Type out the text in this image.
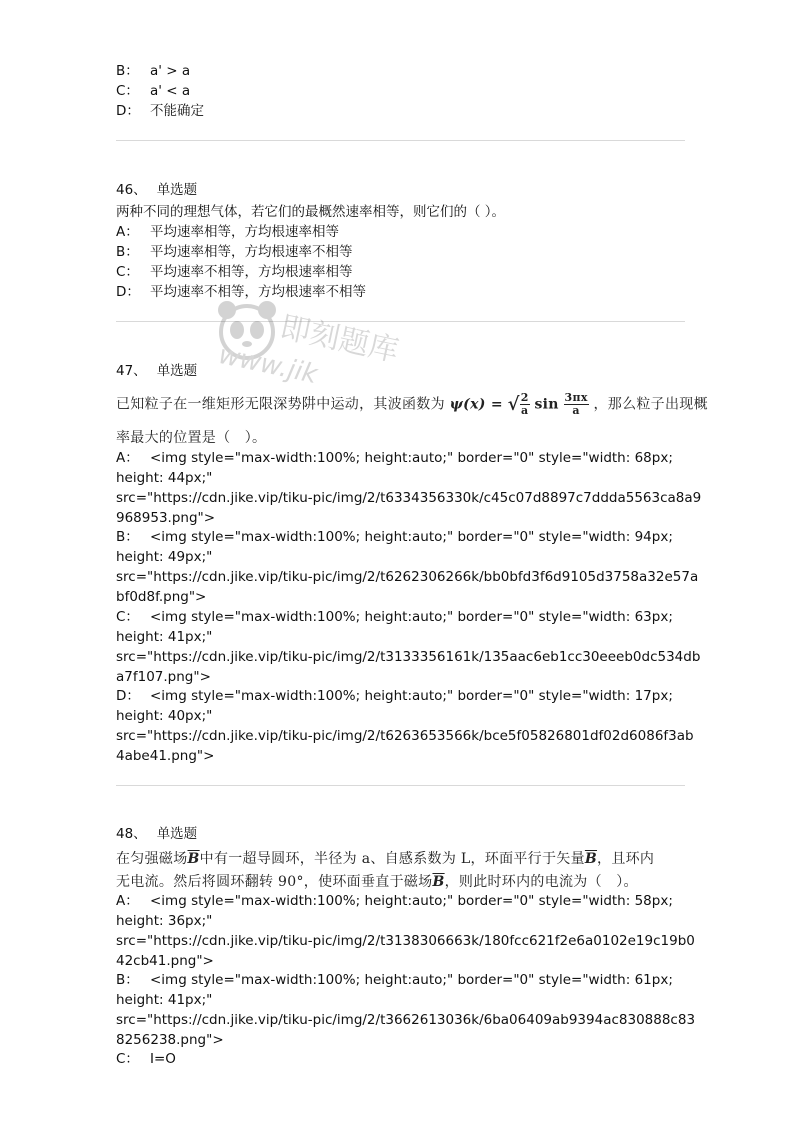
B： a' > a
C： a' < a
D： 不能确定
46、 单选题
两种不同的理想气体，若它们的最概然速率相等，则它们的（ ）。
A： 平均速率相等，方均根速率相等
B： 平均速率相等，方均根速率不相等
C： 平均速率不相等，方均根速率相等
D： 平均速率不相等，方均根速率不相等
即刻题库
www.jik
47、 单选题
已知粒子在一维矩形无限深势阱中运动，其波函数为 ψ(x) = √ $\frac{2}{a}$ $\sin \frac{3\pi x}{a}$ ，那么粒子出现概
率最大的位置是（　）。
A： <img style="max-width:100%; height:auto;" border="0" style="width: 68px;
height: 44px;"
src="https://cdn.jike.vip/tiku-pic/img/2/t6334356330k/c45c07d8897c7ddda5563ca8a9
968953.png">
B： <img style="max-width:100%; height:auto;" border="0" style="width: 94px;
height: 49px;"
src="https://cdn.jike.vip/tiku-pic/img/2/t6262306266k/bb0bfd3f6d9105d3758a32e57a
bf0d8f.png">
C： <img style="max-width:100%; height:auto;" border="0" style="width: 63px;
height: 41px;"
src="https://cdn.jike.vip/tiku-pic/img/2/t3133356161k/135aac6eb1cc30eeeb0dc534db
a7f107.png">
D： <img style="max-width:100%; height:auto;" border="0" style="width: 17px;
height: 40px;"
src="https://cdn.jike.vip/tiku-pic/img/2/t6263653566k/bce5f05826801df02d6086f3ab
4abe41.png">
48、 单选题
在匀强磁场$\overline{B}$中有一超导圆环，半径为 a、自感系数为 L，环面平行于矢量$\overline{B}$，且环内
无电流。然后将圆环翻转 90°，使环面垂直于磁场$\overline{B}$，则此时环内的电流为（　）。
A： <img style="max-width:100%; height:auto;" border="0" style="width: 58px;
height: 36px;"
src="https://cdn.jike.vip/tiku-pic/img/2/t3138306663k/180fcc621f2e6a0102e19c19b0
42cb41.png">
B： <img style="max-width:100%; height:auto;" border="0" style="width: 61px;
height: 41px;"
src="https://cdn.jike.vip/tiku-pic/img/2/t3662613036k/6ba06409ab9394ac830888c83
8256238.png">
C： I=O
